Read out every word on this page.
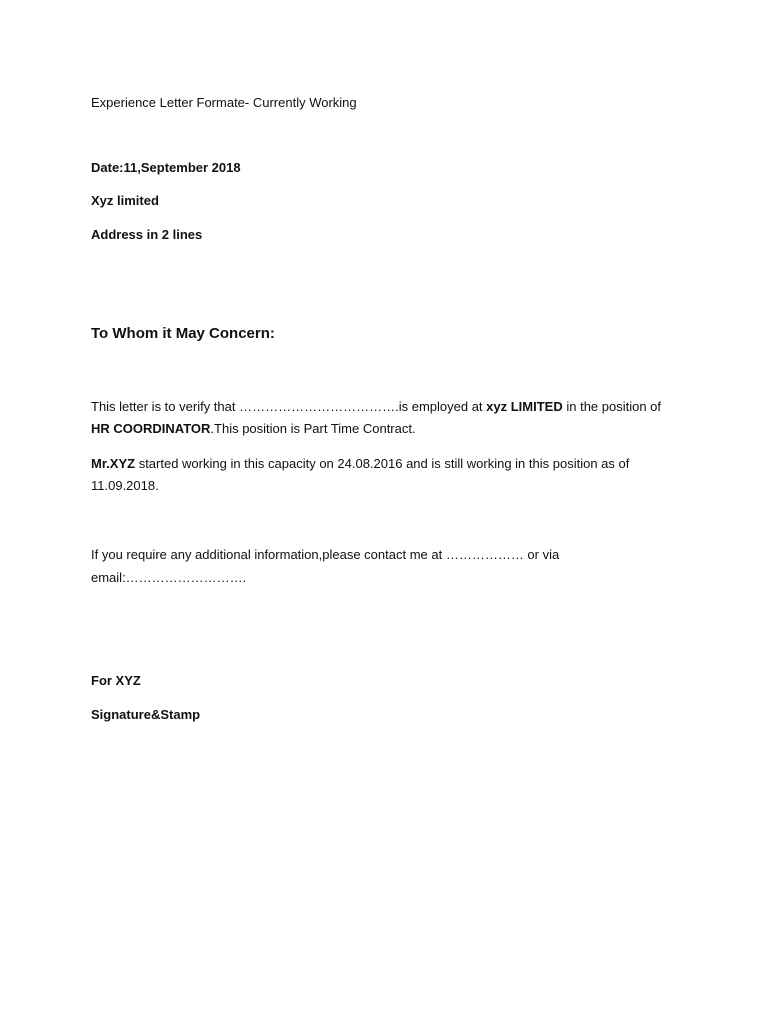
Experience Letter Formate- Currently Working

Date:11,September 2018

Xyz limited

Address in 2 lines

To Whom it May Concern:

This letter is to verify that ……………………………….is employed at xyz LIMITED in the position of

HR COORDINATOR.This position is Part Time Contract.

Mr.XYZ started working in this capacity on 24.08.2016 and is still working in this position as of

11.09.2018.

If you require any additional information,please contact me at ……………… or via

email:……………………….

For XYZ

Signature&Stamp
